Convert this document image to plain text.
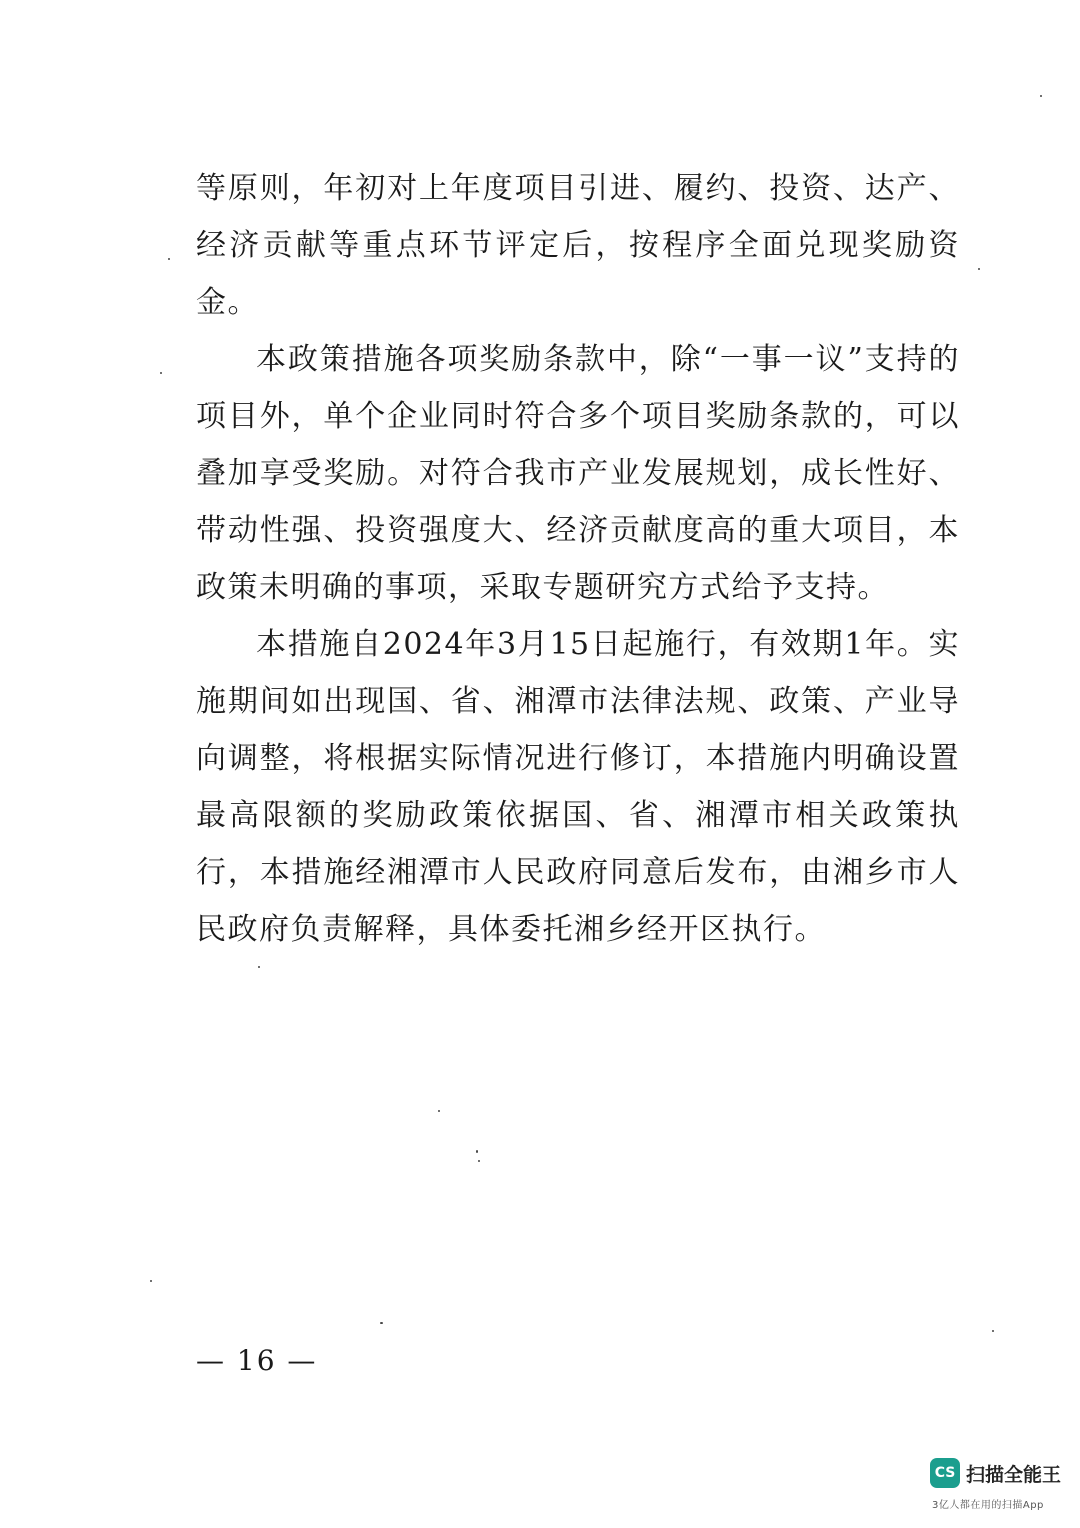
等原则，年初对上年度项目引进、履约、投资、达产、经济贡献等重点环节评定后，按程序全面兑现奖励资金。

本政策措施各项奖励条款中，除“一事一议”支持的项目外，单个企业同时符合多个项目奖励条款的，可以叠加享受奖励。对符合我市产业发展规划，成长性好、带动性强、投资强度大、经济贡献度高的重大项目，本政策未明确的事项，采取专题研究方式给予支持。

本措施自2024年3月15日起施行，有效期1年。实施期间如出现国、省、湘潭市法律法规、政策、产业导向调整，将根据实际情况进行修订，本措施内明确设置最高限额的奖励政策依据国、省、湘潭市相关政策执行，本措施经湘潭市人民政府同意后发布，由湘乡市人民政府负责解释，具体委托湘乡经开区执行。

— 16 —
CS 扫描全能王
3亿人都在用的扫描App
